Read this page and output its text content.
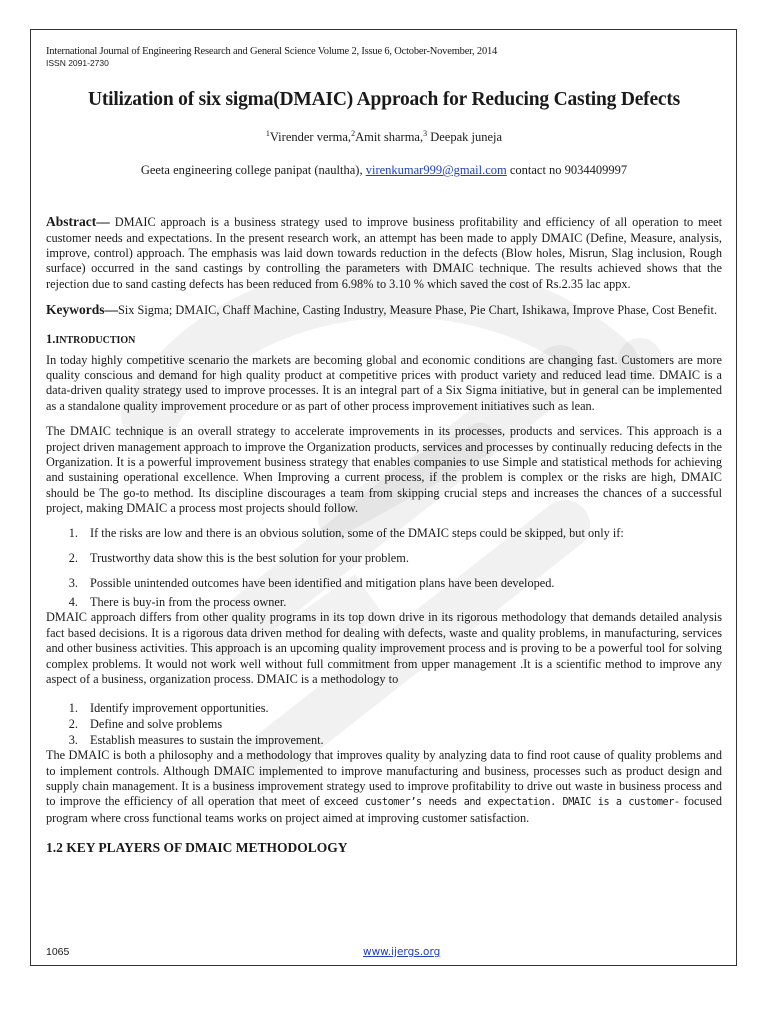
International Journal of Engineering Research and General Science Volume 2, Issue 6, October-November, 2014
ISSN 2091-2730
Utilization of six sigma(DMAIC) Approach for Reducing Casting Defects
$^1$Virender verma,$^2$Amit sharma,$^3$ Deepak juneja
Geeta engineering college panipat (naultha), virenkumar999@gmail.com contact no 9034409997
Abstract— DMAIC approach is a business strategy used to improve business profitability and efficiency of all operation to meet customer needs and expectations. In the present research work, an attempt has been made to apply DMAIC (Define, Measure, analysis, improve, control) approach. The emphasis was laid down towards reduction in the defects (Blow holes, Misrun, Slag inclusion, Rough surface) occurred in the sand castings by controlling the parameters with DMAIC technique. The results achieved shows that the rejection due to sand casting defects has been reduced from 6.98% to 3.10 % which saved the cost of Rs.2.35 lac appx.
Keywords—Six Sigma; DMAIC, Chaff Machine, Casting Industry, Measure Phase, Pie Chart, Ishikawa, Improve Phase, Cost Benefit.
1.INTRODUCTION
In today highly competitive scenario the markets are becoming global and economic conditions are changing fast. Customers are more quality conscious and demand for high quality product at competitive prices with product variety and reduced lead time. DMAIC is a data-driven quality strategy used to improve processes. It is an integral part of a Six Sigma initiative, but in general can be implemented as a standalone quality improvement procedure or as part of other process improvement initiatives such as lean.
The DMAIC technique is an overall strategy to accelerate improvements in its processes, products and services. This approach is a project driven management approach to improve the Organization products, services and processes by continually reducing defects in the Organization. It is a powerful improvement business strategy that enables companies to use Simple and statistical methods for achieving and sustaining operational excellence. When Improving a current process, if the problem is complex or the risks are high, DMAIC should be The go-to method. Its discipline discourages a team from skipping crucial steps and increases the chances of a successful project, making DMAIC a process most projects should follow.
1. If the risks are low and there is an obvious solution, some of the DMAIC steps could be skipped, but only if:
2. Trustworthy data show this is the best solution for your problem.
3. Possible unintended outcomes have been identified and mitigation plans have been developed.
4. There is buy-in from the process owner.
DMAIC approach differs from other quality programs in its top down drive in its rigorous methodology that demands detailed analysis fact based decisions. It is a rigorous data driven method for dealing with defects, waste and quality problems, in manufacturing, services and other business activities. This approach is an upcoming quality improvement process and is proving to be a powerful tool for solving complex problems. It would not work well without full commitment from upper management .It is a scientific method to improve any aspect of a business, organization process. DMAIC is a methodology to
1. Identify improvement opportunities.
2. Define and solve problems
3. Establish measures to sustain the improvement.
The DMAIC is both a philosophy and a methodology that improves quality by analyzing data to find root cause of quality problems and to implement controls. Although DMAIC implemented to improve manufacturing and business, processes such as product design and supply chain management. It is a business improvement strategy used to improve profitability to drive out waste in business process and to improve the efficiency of all operation that meet of exceed customer’s needs and expectation. DMAIC is a customer- focused program where cross functional teams works on project aimed at improving customer satisfaction.
1.2 KEY PLAYERS OF DMAIC METHODOLOGY
1065	www.ijergs.org
